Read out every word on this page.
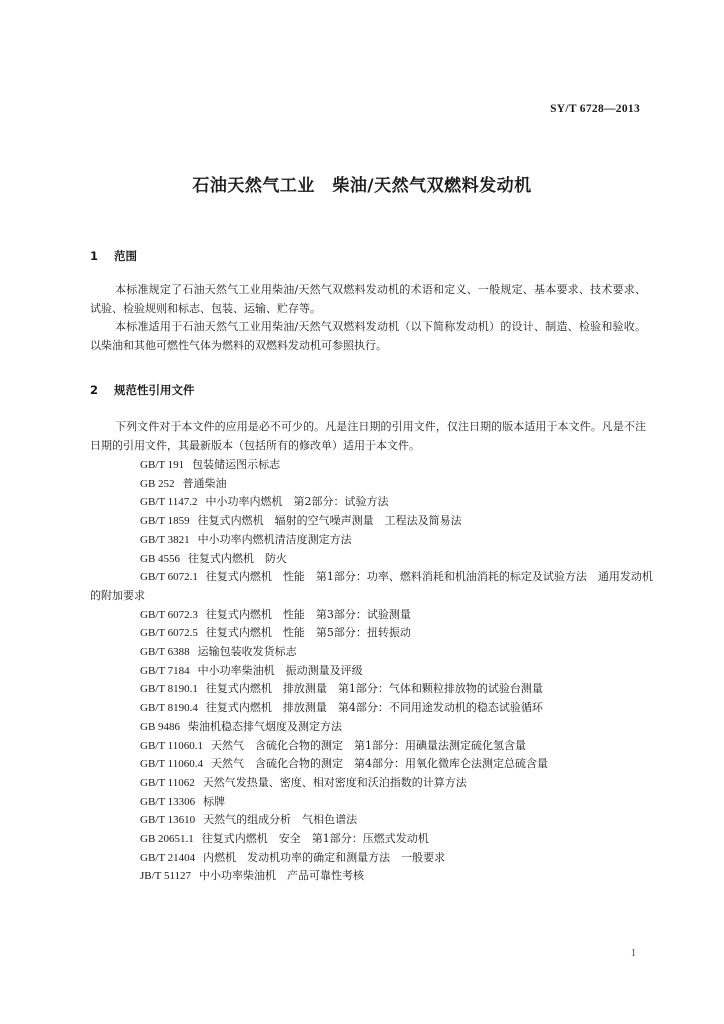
SY/T 6728—2013
石油天然气工业　柴油/天然气双燃料发动机
1 范围

本标准规定了石油天然气工业用柴油/天然气双燃料发动机的术语和定义、一般规定、基本要求、技术要求、试验、检验规则和标志、包装、运输、贮存等。

本标准适用于石油天然气工业用柴油/天然气双燃料发动机（以下简称发动机）的设计、制造、检验和验收。以柴油和其他可燃性气体为燃料的双燃料发动机可参照执行。

2 规范性引用文件

下列文件对于本文件的应用是必不可少的。凡是注日期的引用文件，仅注日期的版本适用于本文件。凡是不注日期的引用文件，其最新版本（包括所有的修改单）适用于本文件。

GB/T 191 包装储运图示标志
GB 252 普通柴油
GB/T 1147.2 中小功率内燃机　第2部分：试验方法
GB/T 1859 往复式内燃机　辐射的空气噪声测量　工程法及简易法
GB/T 3821 中小功率内燃机清洁度测定方法
GB 4556 往复式内燃机　防火
GB/T 6072.1 往复式内燃机　性能　第1部分：功率、燃料消耗和机油消耗的标定及试验方法　通用发动机的附加要求
GB/T 6072.3 往复式内燃机　性能　第3部分：试验测量
GB/T 6072.5 往复式内燃机　性能　第5部分：扭转振动
GB/T 6388 运输包装收发货标志
GB/T 7184 中小功率柴油机　振动测量及评级
GB/T 8190.1 往复式内燃机　排放测量　第1部分：气体和颗粒排放物的试验台测量
GB/T 8190.4 往复式内燃机　排放测量　第4部分：不同用途发动机的稳态试验循环
GB 9486 柴油机稳态排气烟度及测定方法
GB/T 11060.1 天然气　含硫化合物的测定　第1部分：用碘量法测定硫化氢含量
GB/T 11060.4 天然气　含硫化合物的测定　第4部分：用氧化微库仑法测定总硫含量
GB/T 11062 天然气发热量、密度、相对密度和沃泊指数的计算方法
GB/T 13306 标牌
GB/T 13610 天然气的组成分析　气相色谱法
GB 20651.1 往复式内燃机　安全　第1部分：压燃式发动机
GB/T 21404 内燃机　发动机功率的确定和测量方法　一般要求
JB/T 51127 中小功率柴油机　产品可靠性考核
1
